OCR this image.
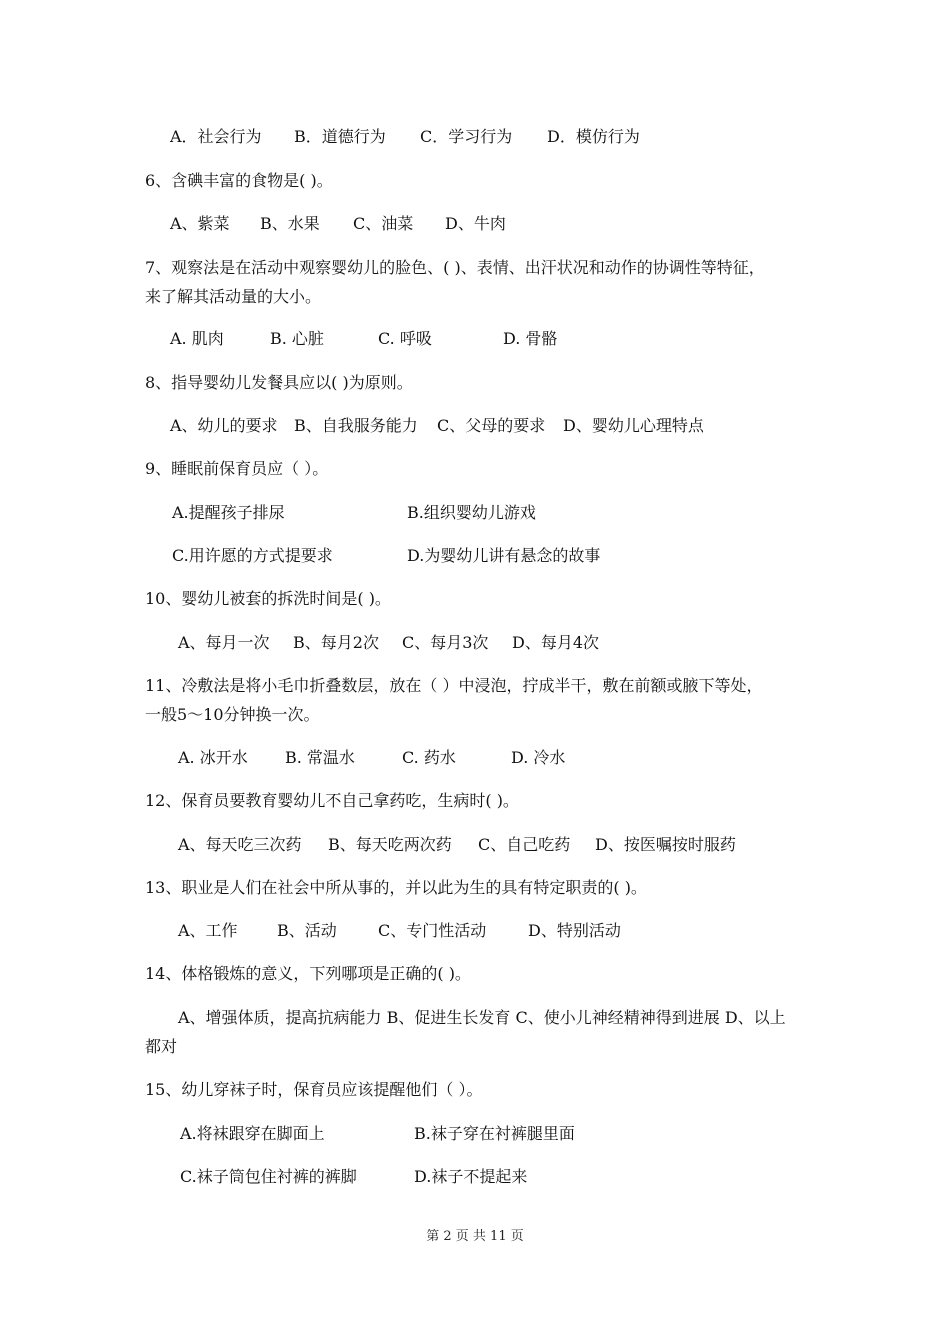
A．社会行为 B．道德行为 C．学习行为 D．模仿行为
6、含碘丰富的食物是( )。
A、紫菜 B、水果 C、油菜 D、牛肉
7、观察法是在活动中观察婴幼儿的脸色、( )、表情、出汗状况和动作的协调性等特征，
来了解其活动量的大小。
A. 肌肉	B. 心脏	C. 呼吸	D. 骨骼
8、指导婴幼儿发餐具应以( )为原则。
A、幼儿的要求 B、自我服务能力 C、父母的要求 D、婴幼儿心理特点
9、睡眠前保育员应（ ）。
A.提醒孩子排尿	B.组织婴幼儿游戏
C.用许愿的方式提要求	D.为婴幼儿讲有悬念的故事
10、婴幼儿被套的拆洗时间是( )。
A、每月一次 B、每月2次 C、每月3次 D、每月4次
11、冷敷法是将小毛巾折叠数层，放在（ ）中浸泡，拧成半干，敷在前额或腋下等处，
一般5～10分钟换一次。
A. 冰开水 B. 常温水	C. 药水	D. 冷水
12、保育员要教育婴幼儿不自己拿药吃，生病时( )。
A、每天吃三次药 B、每天吃两次药 C、自己吃药 D、按医嘱按时服药
13、职业是人们在社会中所从事的，并以此为生的具有特定职责的( )。
A、工作 B、活动	C、专门性活动	D、特别活动
14、体格锻炼的意义，下列哪项是正确的( )。
A、增强体质，提高抗病能力 B、促进生长发育 C、使小儿神经精神得到进展 D、以上
都对
15、幼儿穿袜子时，保育员应该提醒他们（ ）。
A.将袜跟穿在脚面上	B.袜子穿在衬裤腿里面
C.袜子筒包住衬裤的裤脚	D.袜子不提起来
第 2 页 共 11 页
